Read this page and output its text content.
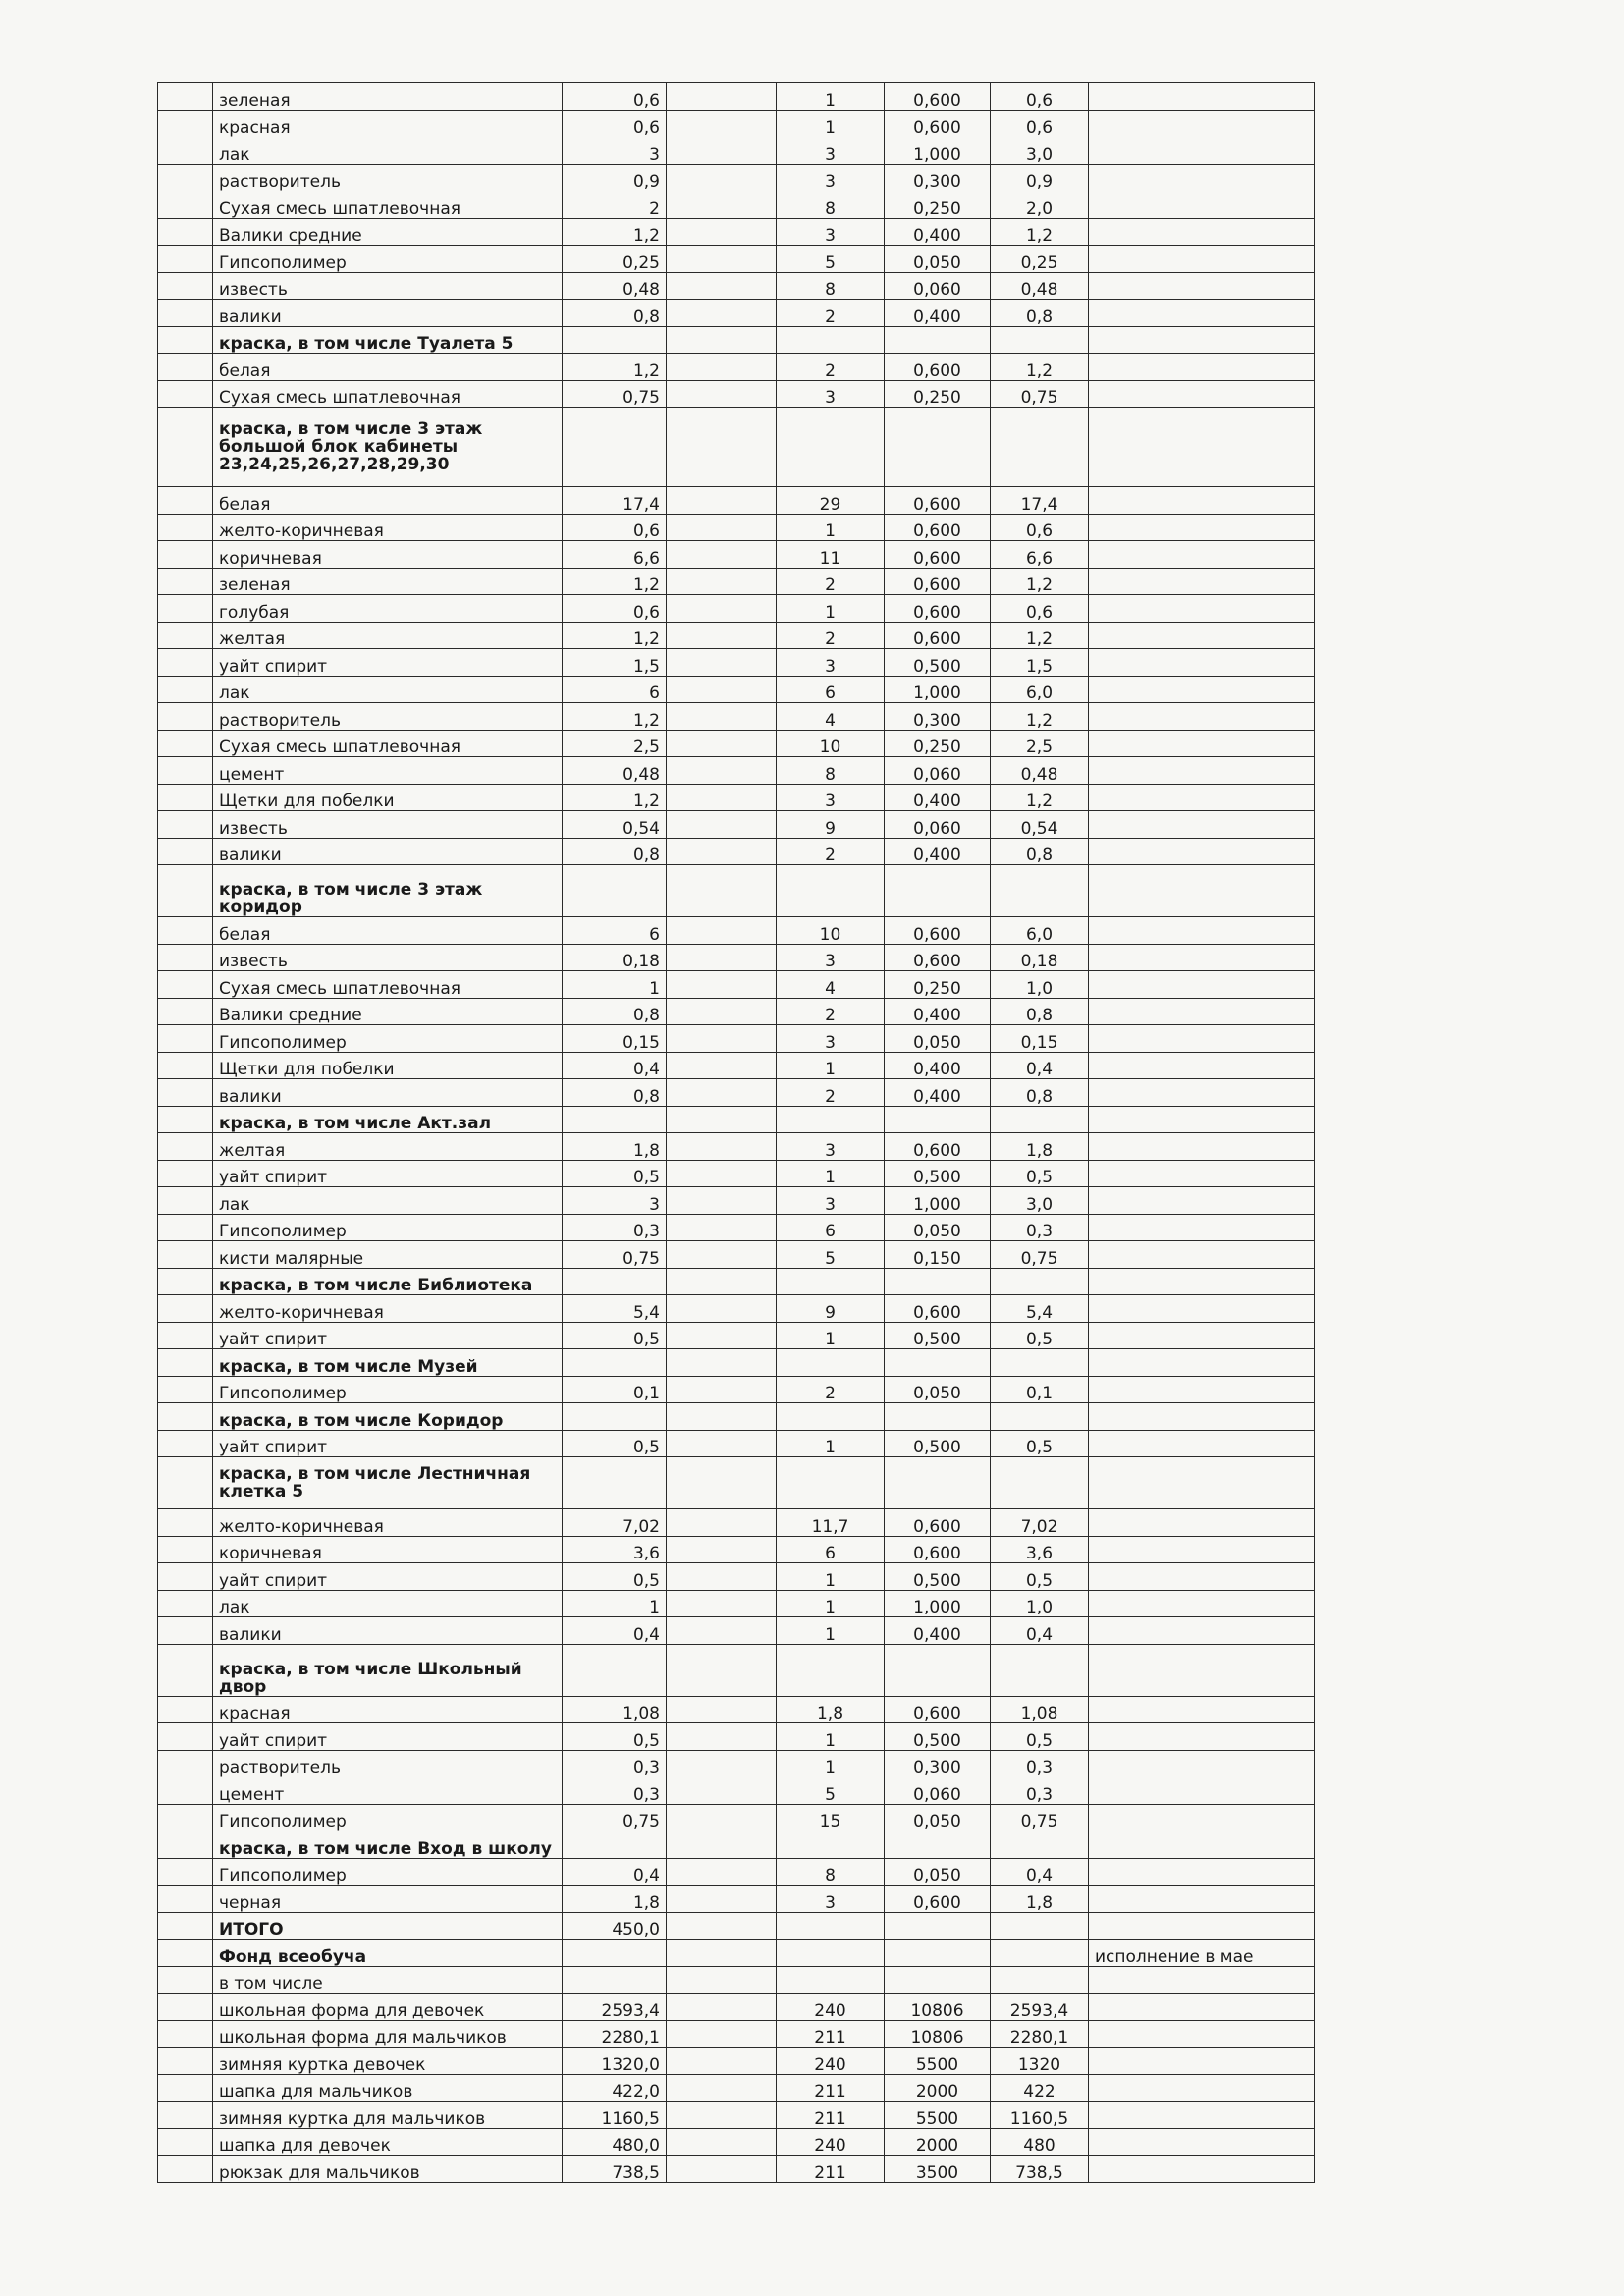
	зеленая	0,6		1	0,600	0,6	
	красная	0,6		1	0,600	0,6	
	лак	3		3	1,000	3,0	
	растворитель	0,9		3	0,300	0,9	
	Сухая смесь шпатлевочная	2		8	0,250	2,0	
	Валики средние	1,2		3	0,400	1,2	
	Гипсополимер	0,25		5	0,050	0,25	
	известь	0,48		8	0,060	0,48	
	валики	0,8		2	0,400	0,8	
	краска, в том числе Туалета 5						
	белая	1,2		2	0,600	1,2	
	Сухая смесь шпатлевочная	0,75		3	0,250	0,75	
	краска, в том числе 3 этаж большой блок кабинеты 23,24,25,26,27,28,29,30						
	белая	17,4		29	0,600	17,4	
	желто-коричневая	0,6		1	0,600	0,6	
	коричневая	6,6		11	0,600	6,6	
	зеленая	1,2		2	0,600	1,2	
	голубая	0,6		1	0,600	0,6	
	желтая	1,2		2	0,600	1,2	
	уайт спирит	1,5		3	0,500	1,5	
	лак	6		6	1,000	6,0	
	растворитель	1,2		4	0,300	1,2	
	Сухая смесь шпатлевочная	2,5		10	0,250	2,5	
	цемент	0,48		8	0,060	0,48	
	Щетки для побелки	1,2		3	0,400	1,2	
	известь	0,54		9	0,060	0,54	
	валики	0,8		2	0,400	0,8	
	краска, в том числе 3 этаж коридор						
	белая	6		10	0,600	6,0	
	известь	0,18		3	0,600	0,18	
	Сухая смесь шпатлевочная	1		4	0,250	1,0	
	Валики средние	0,8		2	0,400	0,8	
	Гипсополимер	0,15		3	0,050	0,15	
	Щетки для побелки	0,4		1	0,400	0,4	
	валики	0,8		2	0,400	0,8	
	краска, в том числе Акт.зал						
	желтая	1,8		3	0,600	1,8	
	уайт спирит	0,5		1	0,500	0,5	
	лак	3		3	1,000	3,0	
	Гипсополимер	0,3		6	0,050	0,3	
	кисти малярные	0,75		5	0,150	0,75	
	краска, в том числе Библиотека						
	желто-коричневая	5,4		9	0,600	5,4	
	уайт спирит	0,5		1	0,500	0,5	
	краска, в том числе Музей						
	Гипсополимер	0,1		2	0,050	0,1	
	краска, в том числе Коридор						
	уайт спирит	0,5		1	0,500	0,5	
	краска, в том числе Лестничная клетка 5						
	желто-коричневая	7,02		11,7	0,600	7,02	
	коричневая	3,6		6	0,600	3,6	
	уайт спирит	0,5		1	0,500	0,5	
	лак	1		1	1,000	1,0	
	валики	0,4		1	0,400	0,4	
	краска, в том числе Школьный двор						
	красная	1,08		1,8	0,600	1,08	
	уайт спирит	0,5		1	0,500	0,5	
	растворитель	0,3		1	0,300	0,3	
	цемент	0,3		5	0,060	0,3	
	Гипсополимер	0,75		15	0,050	0,75	
	краска, в том числе Вход в школу						
	Гипсополимер	0,4		8	0,050	0,4	
	черная	1,8		3	0,600	1,8	
	ИТОГО	450,0					
	Фонд всеобуча						исполнение в мае
	в том числе						
	школьная форма для девочек	2593,4		240	10806	2593,4	
	школьная форма для мальчиков	2280,1		211	10806	2280,1	
	зимняя куртка девочек	1320,0		240	5500	1320	
	шапка для мальчиков	422,0		211	2000	422	
	зимняя куртка для мальчиков	1160,5		211	5500	1160,5	
	шапка для девочек	480,0		240	2000	480	
	рюкзак для мальчиков	738,5		211	3500	738,5	
